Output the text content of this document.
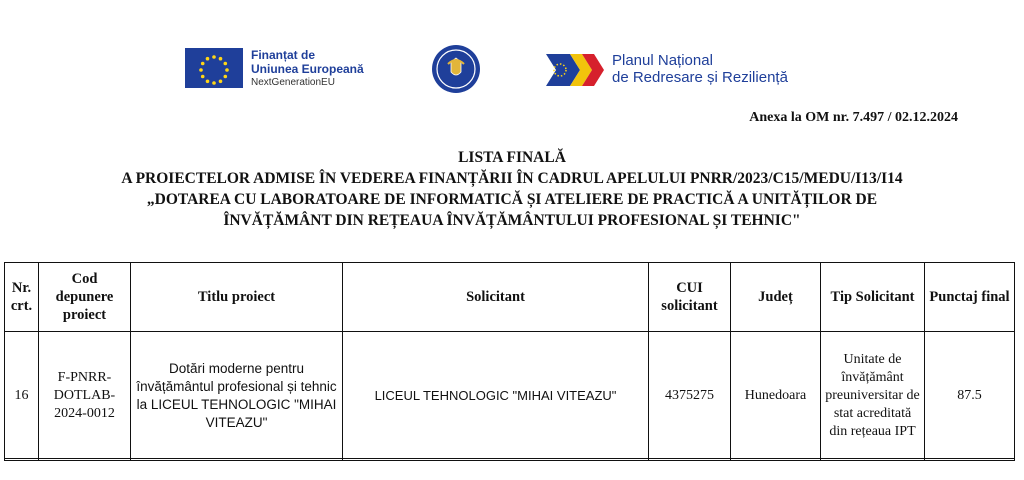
Finanțat de
Uniunea Europeană
NextGenerationEU
Planul Național
de Redresare și Reziliență
Anexa la OM nr. 7.497 / 02.12.2024
LISTA FINALĂ
A PROIECTELOR ADMISE ÎN VEDEREA FINANȚĂRII ÎN CADRUL APELULUI PNRR/2023/C15/MEDU/I13/I14
„DOTAREA CU LABORATOARE DE INFORMATICĂ ȘI ATELIERE DE PRACTICĂ A UNITĂȚILOR DE
ÎNVĂȚĂMÂNT DIN REȚEAUA ÎNVĂȚĂMÂNTULUI PROFESIONAL ȘI TEHNIC"
Nr. crt.	Cod depunere proiect	Titlu proiect	Solicitant	CUI solicitant	Județ	Tip Solicitant	Punctaj final
16	F-PNRR-DOTLAB-2024-0012	Dotări moderne pentru învățământul profesional și tehnic la LICEUL TEHNOLOGIC "MIHAI VITEAZU"	LICEUL TEHNOLOGIC "MIHAI VITEAZU"	4375275	Hunedoara	Unitate de învățământ preuniversitar de stat acreditată din rețeaua IPT	87.5
